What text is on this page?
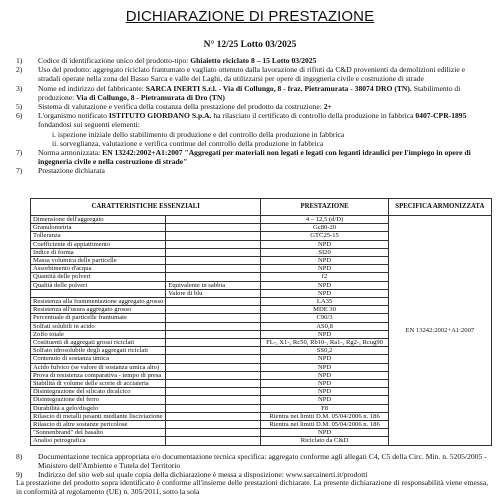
DICHIARAZIONE DI PRESTAZIONE
N° 12/25 Lotto 03/2025
1)	Codice di identificazione unico del prodotto-tipo: Ghiaietto riciclato 8 – 15 Lotto 03/2025
2)	Uso del prodotto: aggregato riciclato frantumato e vagliato ottenuto dalla lavorazione di rifiuti da C&D provenienti da demolizioni edilizie e stradali operate nella zona del Basso Sarca e valle dei Laghi, da utilizzarsi per opere di ingegneria civile e costruzione di strade
3)	Nome ed indirizzo del fabbricante: SARCA INERTI S.r.l. - Via di Collungo, 8 - fraz. Pietramurata - 38074 DRO (TN). Stabilimento di produzione: Via di Collungo, 8 - Pietramurata di Dro (TN)
5)	Sistema di valutazione e verifica della costanza della prestazione del prodotto da costruzione: 2+
6)	L'organismo notificato ISTITUTO GIORDANO S.p.A. ha rilasciato il certificato di controllo della produzione in fabbrica 0407-CPR-1895 fondandosi sui seguenti elementi:
i. ispezione iniziale dello stabilimento di produzione e del controllo della produzione in fabbrica
ii. sorveglianza, valutazione e verifica continue del controllo della produzione in fabbrica
7)	Norma armonizzata: EN 13242:2002+A1:2007 "Aggregati per materiali non legati e legati con leganti idraulici per l'impiego in opere di ingegneria civile e nella costruzione di strade"
7)	Prestazione dichiarata
CARATTERISTICHE ESSENZIALI		PRESTAZIONE	SPECIFICA ARMONIZZATA
Dimensione dell'aggregato		4 – 12,5 (d/D)	EN 13242:2002+A1:2007
Granulometria		Gc80-20	
Tolleranza		GTC25-15	
Coefficiente di appiattimento		NPD	
Indice di forma		SI20	
Massa volumica delle particelle		NPD	
Assorbimento d'acqua		NPD	
Quantità delle polveri		f2	
Qualità delle polveri	Equivalente in sabbia	NPD	
	Valore di blu	NPD	
Resistenza alla frammentazione aggregato grosso		LA35	
Resistenza all'usura aggregato grosso		MDE 30	
Percentuale di particelle frantumate		C90/3	
Solfati solubili in acido		AS0,8	
Zolfo totale		NPD	
Costituenti di aggregati grossi riciclati		FL-, X1-, Rc50, Rb10-, Ra1-, Rg2-, Rcug90	
Solfato idrosolubile degli aggregati riciclati		SS0,2	
Contenuto di sostanza umica		NPD	
Acido fulvico (se valore di sostanza umica alto)		NPD	
Prova di resistenza comparativa - tempo di presa		NPD	
Stabilità di volume delle scorie di acciaieria		NPD	
Disintegrazione del silicato dicalcico		NPD	
Disintegrazione del ferro		NPD	
Durabilità a gelo/disgelo		F8	
Rilascio di metalli pesanti mediante lisciviazione		Rientra nei limiti D.M. 05/04/2006 n. 186	
Rilascio di altre sostanze pericolose		Rientra nei limiti D.M. 05/04/2006 n. 186	
"Sonnenbrand" del basalto		NPD	
Analisi petrografica		Riciclato da C&D	
8)	Documentazione tecnica appropriata e/o documentazione tecnica specifica: aggregato conforme agli allegati C4, C5 della Circ. Min. n. 5205/2005 - Ministero dell'Ambiente e Tutela del Territorio
9)	Indirizzo del sito web sul quale copia della dichiarazione è messa a disposizione: www.sarcainerti.it/prodotti
La prestazione del prodotto sopra identificato è conforme all'insieme delle prestazioni dichiarate. La presente dichiarazione di responsabilità viene emessa, in conformità al regolamento (UE) n. 305/2011, sotto la sola
